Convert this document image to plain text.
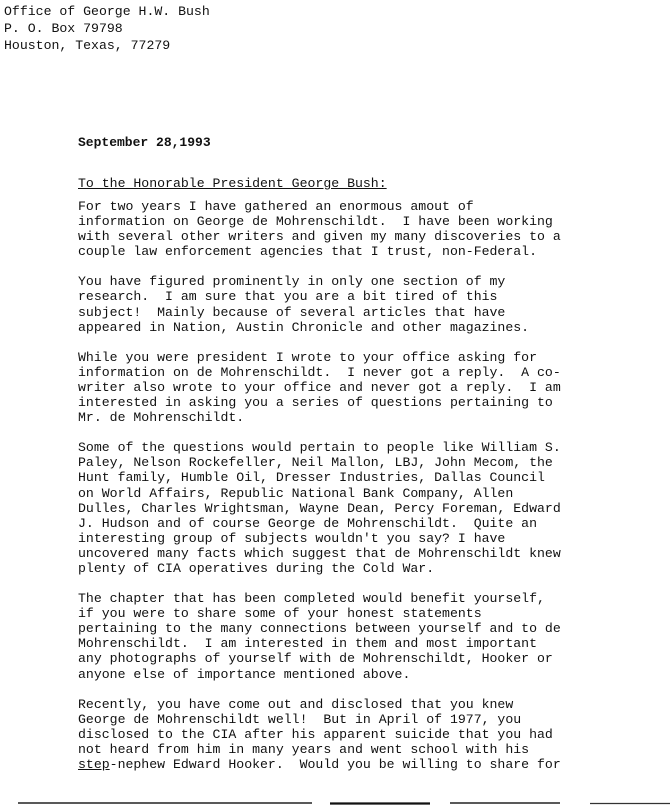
Office of George H.W. Bush
P. O. Box 79798
Houston, Texas, 77279
September 28,1993
To the Honorable President George Bush:
For two years I have gathered an enormous amout of
information on George de Mohrenschildt.  I have been working
with several other writers and given my many discoveries to a
couple law enforcement agencies that I trust, non-Federal.
You have figured prominently in only one section of my
research.  I am sure that you are a bit tired of this
subject!  Mainly because of several articles that have
appeared in Nation, Austin Chronicle and other magazines.
While you were president I wrote to your office asking for
information on de Mohrenschildt.  I never got a reply.  A co-
writer also wrote to your office and never got a reply.  I am
interested in asking you a series of questions pertaining to
Mr. de Mohrenschildt.
Some of the questions would pertain to people like William S.
Paley, Nelson Rockefeller, Neil Mallon, LBJ, John Mecom, the
Hunt family, Humble Oil, Dresser Industries, Dallas Council
on World Affairs, Republic National Bank Company, Allen
Dulles, Charles Wrightsman, Wayne Dean, Percy Foreman, Edward
J. Hudson and of course George de Mohrenschildt.  Quite an
interesting group of subjects wouldn't you say? I have
uncovered many facts which suggest that de Mohrenschildt knew
plenty of CIA operatives during the Cold War.
The chapter that has been completed would benefit yourself,
if you were to share some of your honest statements
pertaining to the many connections between yourself and to de
Mohrenschildt.  I am interested in them and most important
any photographs of yourself with de Mohrenschildt, Hooker or
anyone else of importance mentioned above.
Recently, you have come out and disclosed that you knew
George de Mohrenschildt well!  But in April of 1977, you
disclosed to the CIA after his apparent suicide that you had
not heard from him in many years and went school with his
step-nephew Edward Hooker.  Would you be willing to share for
